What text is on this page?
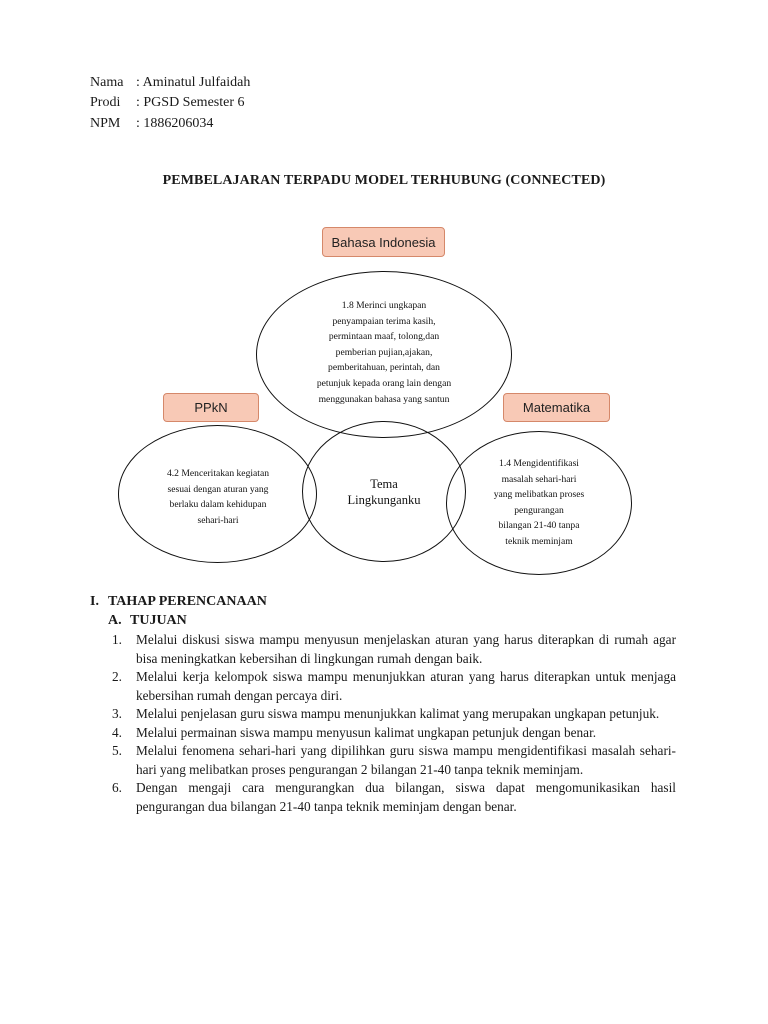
Nama : Aminatul Julfaidah
Prodi : PGSD Semester 6
NPM : 1886206034
PEMBELAJARAN TERPADU MODEL TERHUBUNG (CONNECTED)
Bahasa Indonesia
PPkN	Matematika
1.8 Merinci ungkapan
penyampaian terima kasih,
permintaan maaf, tolong,dan
pemberian pujian,ajakan,
pemberitahuan, perintah, dan
petunjuk kepada orang lain dengan
menggunakan bahasa yang santun
4.2 Menceritakan kegiatan
sesuai dengan aturan yang
berlaku dalam kehidupan
sehari-hari
Tema
Lingkunganku
1.4 Mengidentifikasi
masalah sehari-hari
yang melibatkan proses
pengurangan
bilangan 21-40 tanpa
teknik meminjam
I. TAHAP PERENCANAAN
A. TUJUAN
1. Melalui diskusi siswa mampu menyusun menjelaskan aturan yang harus diterapkan di rumah agar bisa meningkatkan kebersihan di lingkungan rumah dengan baik.
2. Melalui kerja kelompok siswa mampu menunjukkan aturan yang harus diterapkan untuk menjaga kebersihan rumah dengan percaya diri.
3. Melalui penjelasan guru siswa mampu menunjukkan kalimat yang merupakan ungkapan petunjuk.
4. Melalui permainan siswa mampu menyusun kalimat ungkapan petunjuk dengan benar.
5. Melalui fenomena sehari-hari yang dipilihkan guru siswa mampu mengidentifikasi masalah sehari-hari yang melibatkan proses pengurangan 2 bilangan 21-40 tanpa teknik meminjam.
6. Dengan mengaji cara mengurangkan dua bilangan, siswa dapat mengomunikasikan hasil pengurangan dua bilangan 21-40 tanpa teknik meminjam dengan benar.
